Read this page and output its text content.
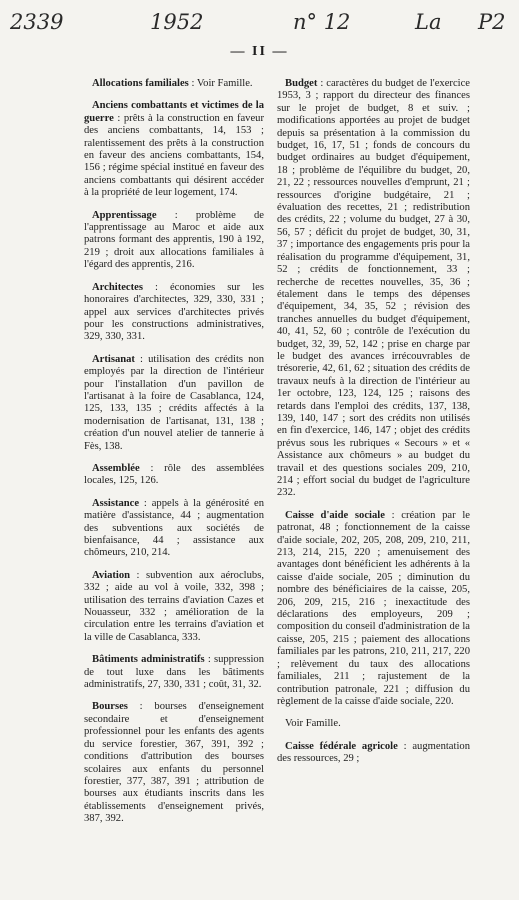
2339	1952	n° 12	La P2
— II —

Allocations familiales : Voir Famille.

Anciens combattants et victimes de la guerre : prêts à la construction en faveur des anciens combattants, 14, 153 ; ralentissement des prêts à la construction en faveur des anciens combattants, 154, 156 ; régime spécial institué en faveur des anciens combattants qui désirent accéder à la propriété de leur logement, 174.

Apprentissage : problème de l'apprentissage au Maroc et aide aux patrons formant des apprentis, 190 à 192, 219 ; droit aux allocations familiales à l'égard des apprentis, 216.

Architectes : économies sur les honoraires d'architectes, 329, 330, 331 ; appel aux services d'architectes privés pour les constructions administratives, 329, 330, 331.

Artisanat : utilisation des crédits non employés par la direction de l'intérieur pour l'installation d'un pavillon de l'artisanat à la foire de Casablanca, 124, 125, 133, 135 ; crédits affectés à la modernisation de l'artisanat, 131, 138 ; création d'un nouvel atelier de tannerie à Fès, 138.

Assemblée : rôle des assemblées locales, 125, 126.

Assistance : appels à la générosité en matière d'assistance, 44 ; augmentation des subventions aux sociétés de bienfaisance, 44 ; assistance aux chômeurs, 210, 214.

Aviation : subvention aux aéroclubs, 332 ; aide au vol à voile, 332, 398 ; utilisation des terrains d'aviation Cazes et Nouasseur, 332 ; amélioration de la circulation entre les terrains d'aviation et la ville de Casablanca, 333.

Bâtiments administratifs : suppression de tout luxe dans les bâtiments administratifs, 27, 330, 331 ; coût, 31, 32.

Bourses : bourses d'enseignement secondaire et d'enseignement professionnel pour les enfants des agents du service forestier, 367, 391, 392 ; conditions d'attribution des bourses scolaires aux enfants du personnel forestier, 377, 387, 391 ; attribution de bourses aux étudiants inscrits dans les établissements d'enseignement privés, 387, 392.

Budget : caractères du budget de l'exercice 1953, 3 ; rapport du directeur des finances sur le projet de budget, 8 et suiv. ; modifications apportées au projet de budget depuis sa présentation à la commission du budget, 16, 17, 51 ; fonds de concours du budget ordinaires au budget d'équipement, 18 ; problème de l'équilibre du budget, 20, 21, 22 ; ressources nouvelles d'emprunt, 21 ; ressources d'origine budgétaire, 21 ; évaluation des recettes, 21 ; redistribution des crédits, 22 ; volume du budget, 27 à 30, 56, 57 ; déficit du projet de budget, 30, 31, 37 ; importance des engagements pris pour la réalisation du programme d'équipement, 31, 52 ; crédits de fonctionnement, 33 ; recherche de recettes nouvelles, 35, 36 ; étalement dans le temps des dépenses d'équipement, 34, 35, 52 ; révision des tranches annuelles du budget d'équipement, 40, 41, 52, 60 ; contrôle de l'exécution du budget, 32, 39, 52, 142 ; prise en charge par le budget des avances irrécouvrables de trésorerie, 42, 61, 62 ; situation des crédits de travaux neufs à la direction de l'intérieur au 1er octobre, 123, 124, 125 ; raisons des retards dans l'emploi des crédits, 137, 138, 139, 140, 147 ; sort des crédits non utilisés en fin d'exercice, 146, 147 ; objet des crédits prévus sous les rubriques « Secours » et « Assistance aux chômeurs » au budget du travail et des questions sociales 209, 210, 214 ; effort social du budget de l'agriculture 232.

Caisse d'aide sociale : création par le patronat, 48 ; fonctionnement de la caisse d'aide sociale, 202, 205, 208, 209, 210, 211, 213, 214, 215, 220 ; amenuisement des avantages dont bénéficient les adhérents à la caisse d'aide sociale, 205 ; diminution du nombre des bénéficiaires de la caisse, 205, 206, 209, 215, 216 ; inexactitude des déclarations des employeurs, 209 ; composition du conseil d'administration de la caisse, 205, 215 ; paiement des allocations familiales par les patrons, 210, 211, 217, 220 ; relèvement du taux des allocations familiales, 211 ; rajustement de la contribution patronale, 221 ; diffusion du règlement de la caisse d'aide sociale, 220.

Voir Famille.

Caisse fédérale agricole : augmentation des ressources, 29 ;
